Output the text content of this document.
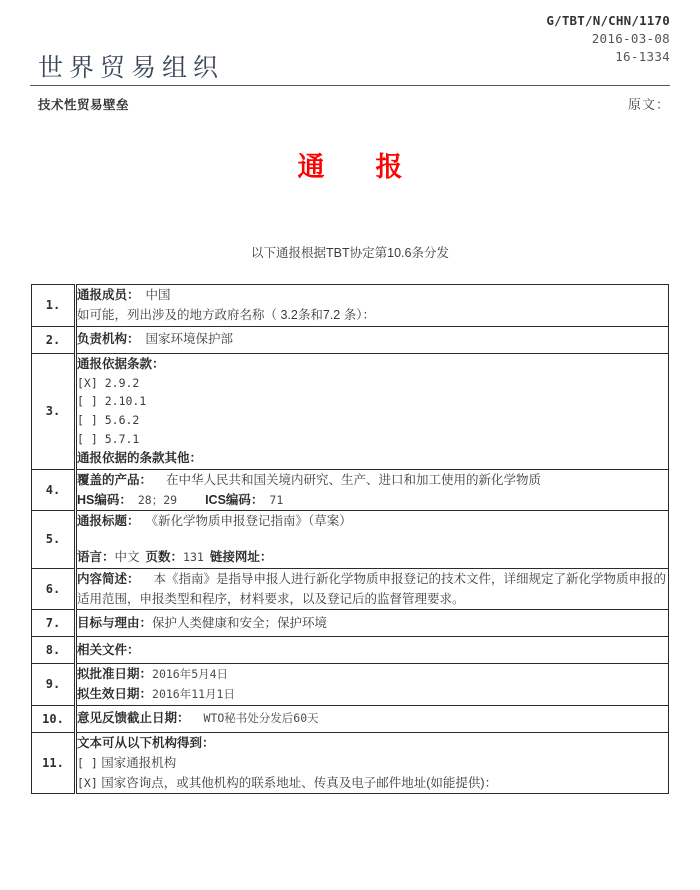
G/TBT/N/CHN/1170
2016-03-08
16-1334
世界贸易组织
技术性贸易壁垒	原文：
通　报
以下通报根据TBT协定第10.6条分发
1.	通报成员： 中国
如可能，列出涉及的地方政府名称（ 3.2条和7.2 条）：

2.	负责机构： 国家环境保护部
3.	
通报依据条款：
[X] 2.9.2
[ ] 2.10.1
[ ] 5.6.2
[ ] 5.7.1
通报依据的条款其他：

4.	覆盖的产品： 在中华人民共和国关境内研究、生产、进口和加工使用的新化学物质
HS编码： 28；29 ICS编码： 71

5.	通报标题： 《新化学物质申报登记指南》（草案）
语言：中文 页数：131 链接网址：

6.	内容简述： 本《指南》是指导申报人进行新化学物质申报登记的技术文件，详细规定了新化学物质申报的适用范围，申报类型和程序，材料要求，以及登记后的监督管理要求。
7.	目标与理由：保护人类健康和安全；保护环境
8.	相关文件：
9.	拟批准日期：2016年5月4日
拟生效日期：2016年11月1日

10.	意见反馈截止日期： WTO秘书处分发后60天
11.	文本可从以下机构得到：
[ ] 国家通报机构
[X] 国家咨询点，或其他机构的联系地址、传真及电子邮件地址(如能提供)：
